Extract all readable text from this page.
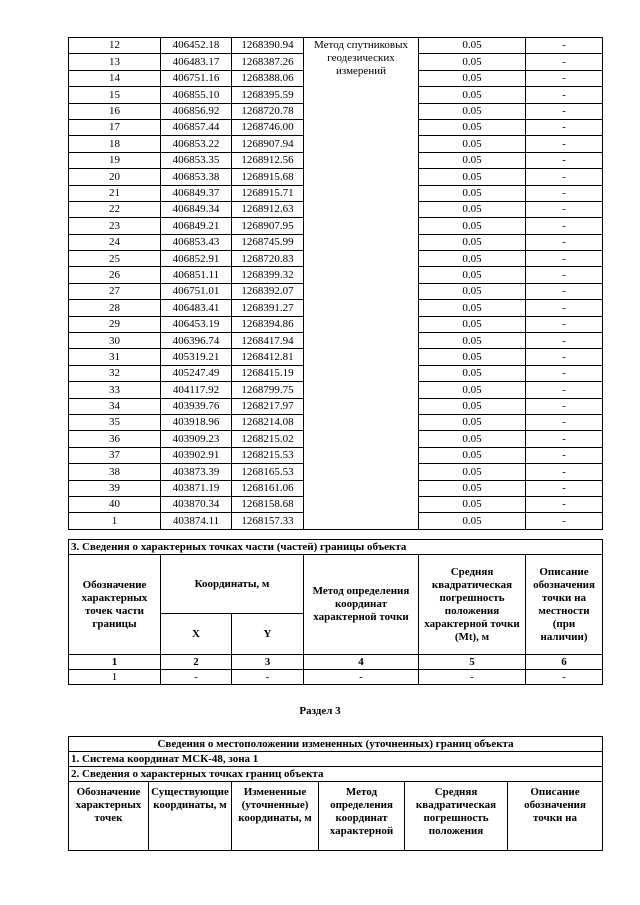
12	406452.18	1268390.94	Метод спутниковых геодезических измерений	0.05	-
13	406483.17	1268387.26		0.05	-
14	406751.16	1268388.06		0.05	-
15	406855.10	1268395.59		0.05	-
16	406856.92	1268720.78		0.05	-
17	406857.44	1268746.00		0.05	-
18	406853.22	1268907.94		0.05	-
19	406853.35	1268912.56		0.05	-
20	406853.38	1268915.68		0.05	-
21	406849.37	1268915.71		0.05	-
22	406849.34	1268912.63		0.05	-
23	406849.21	1268907.95		0.05	-
24	406853.43	1268745.99		0.05	-
25	406852.91	1268720.83		0.05	-
26	406851.11	1268399.32		0.05	-
27	406751.01	1268392.07		0.05	-
28	406483.41	1268391.27		0.05	-
29	406453.19	1268394.86		0.05	-
30	406396.74	1268417.94		0.05	-
31	405319.21	1268412.81		0.05	-
32	405247.49	1268415.19		0.05	-
33	404117.92	1268799.75		0.05	-
34	403939.76	1268217.97		0.05	-
35	403918.96	1268214.08		0.05	-
36	403909.23	1268215.02		0.05	-
37	403902.91	1268215.53		0.05	-
38	403873.39	1268165.53		0.05	-
39	403871.19	1268161.06		0.05	-
40	403870.34	1268158.68		0.05	-
1	403874.11	1268157.33		0.05	-
3. Сведения о характерных точках части (частей) границы объекта					
Обозначение характерных точек части границы	Координаты, м		Метод определения координат характерной точки	Средняя квадратическая погрешность положения характерной точки (Mt), м	Описание обозначения точки на местности (при наличии)
	X	Y			
1	2	3	4	5	6
1	-	-	-	-	-
Раздел 3
Сведения о местоположении измененных (уточненных) границ объекта
1. Система координат МСК-48, зона 1
2. Сведения о характерных точках границ объекта
Обозначение характерных точек	Существующие координаты, м	Измененные (уточненные) координаты, м	Метод определения координат характерной	Средняя квадратическая погрешность положения	Описание обозначения точки на
